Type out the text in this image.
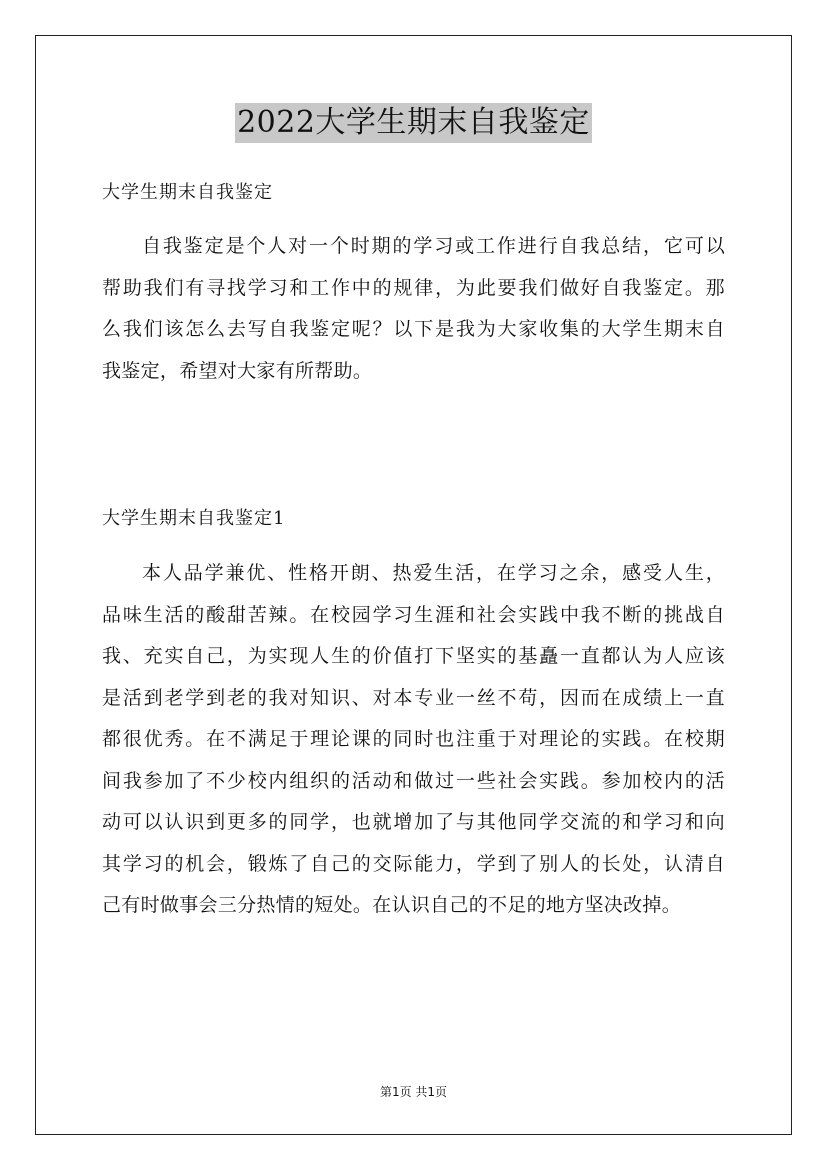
2022大学生期末自我鉴定
大学生期末自我鉴定

自我鉴定是个人对一个时期的学习或工作进行自我总结，它可以
帮助我们有寻找学习和工作中的规律，为此要我们做好自我鉴定。那
么我们该怎么去写自我鉴定呢？以下是我为大家收集的大学生期末自
我鉴定，希望对大家有所帮助。

大学生期末自我鉴定1

本人品学兼优、性格开朗、热爱生活，在学习之余，感受人生，
品味生活的酸甜苦辣。在校园学习生涯和社会实践中我不断的挑战自
我、充实自己，为实现人生的价值打下坚实的基矗一直都认为人应该
是活到老学到老的我对知识、对本专业一丝不苟，因而在成绩上一直
都很优秀。在不满足于理论课的同时也注重于对理论的实践。在校期
间我参加了不少校内组织的活动和做过一些社会实践。参加校内的活
动可以认识到更多的同学，也就增加了与其他同学交流的和学习和向
其学习的机会，锻炼了自己的交际能力，学到了别人的长处，认清自
己有时做事会三分热情的短处。在认识自己的不足的地方坚决改掉。

第1页 共1页
